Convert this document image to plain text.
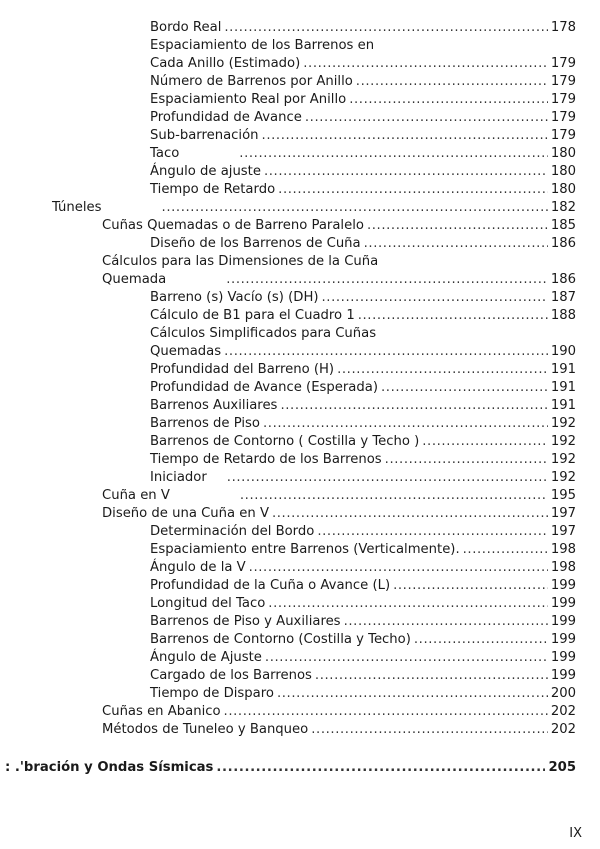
Bordo Real .....	178
Espaciamiento de los Barrenos en
Cada Anillo (Estimado) .....	179
Número de Barrenos por Anillo .....	179
Espaciamiento Real por Anillo .....	179
Profundidad de Avance .....	179
Sub-barrenación .....	179
Taco .....	180
Ángulo de ajuste .....	180
Tiempo de Retardo .....	180
Túneles .....	182
Cuñas Quemadas o de Barreno Paralelo .....	185
Diseño de los Barrenos de Cuña .....	186
Cálculos para las Dimensiones de la Cuña
Quemada .....	186
Barreno (s) Vacío (s) (DH) .....	187
Cálculo de B1 para el Cuadro 1 .....	188
Cálculos Simplificados para Cuñas
Quemadas .....	190
Profundidad del Barreno (H) .....	191
Profundidad de Avance (Esperada) .....	191
Barrenos Auxiliares .....	191
Barrenos de Piso .....	192
Barrenos de Contorno ( Costilla y Techo ) .....	192
Tiempo de Retardo de los Barrenos .....	192
Iniciador .....	192
Cuña en V .....	195
Diseño de una Cuña en V .....	197
Determinación del Bordo .....	197
Espaciamiento entre Barrenos (Verticalmente). .....	198
Ángulo de la V .....	198
Profundidad de la Cuña o Avance (L) .....	199
Longitud del Taco .....	199
Barrenos de Piso y Auxiliares .....	199
Barrenos de Contorno (Costilla y Techo) .....	199
Ángulo de Ajuste .....	199
Cargado de los Barrenos .....	199
Tiempo de Disparo .....	200
Cuñas en Abanico .....	202
Métodos de Tuneleo y Banqueo .....	202
: .'bración y Ondas Sísmicas .....	205
IX
